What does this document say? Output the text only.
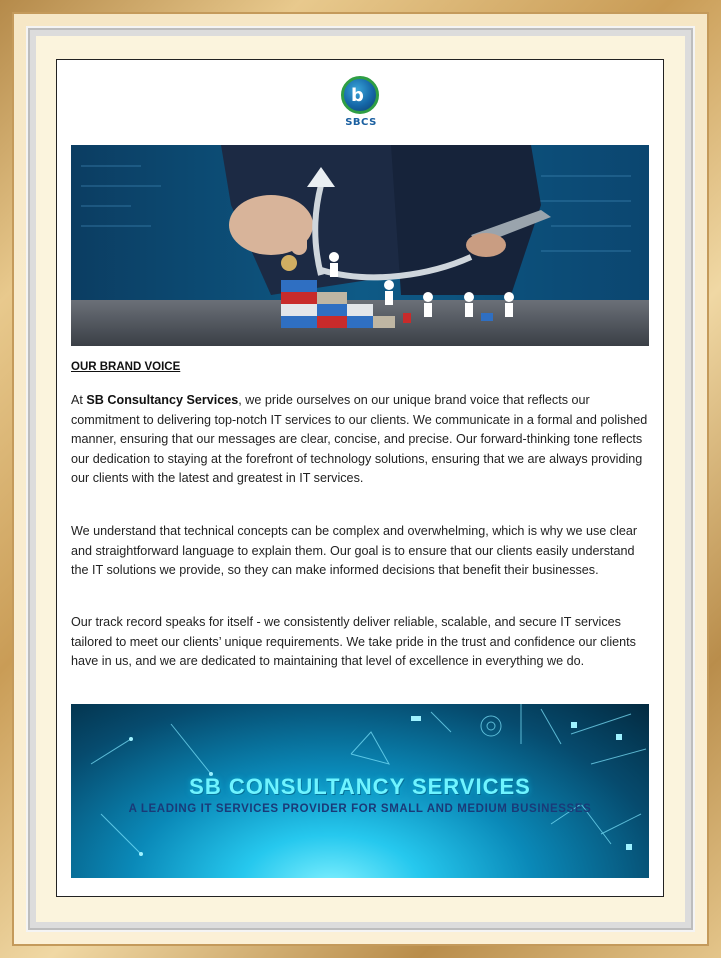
b
SBCS
OUR BRAND VOICE

At SB Consultancy Services, we pride ourselves on our unique brand voice that reflects our commitment to delivering top-notch IT services to our clients. We communicate in a formal and polished manner, ensuring that our messages are clear, concise, and precise. Our forward-thinking tone reflects our dedication to staying at the forefront of technology solutions, ensuring that we are always providing our clients with the latest and greatest in IT services.

We understand that technical concepts can be complex and overwhelming, which is why we use clear and straightforward language to explain them. Our goal is to ensure that our clients easily understand the IT solutions we provide, so they can make informed decisions that benefit their businesses.

Our track record speaks for itself - we consistently deliver reliable, scalable, and secure IT services tailored to meet our clients’ unique requirements. We take pride in the trust and confidence our clients have in us, and we are dedicated to maintaining that level of excellence in everything we do.

SB CONSULTANCY SERVICES
A LEADING IT SERVICES PROVIDER FOR SMALL AND MEDIUM BUSINESSES
